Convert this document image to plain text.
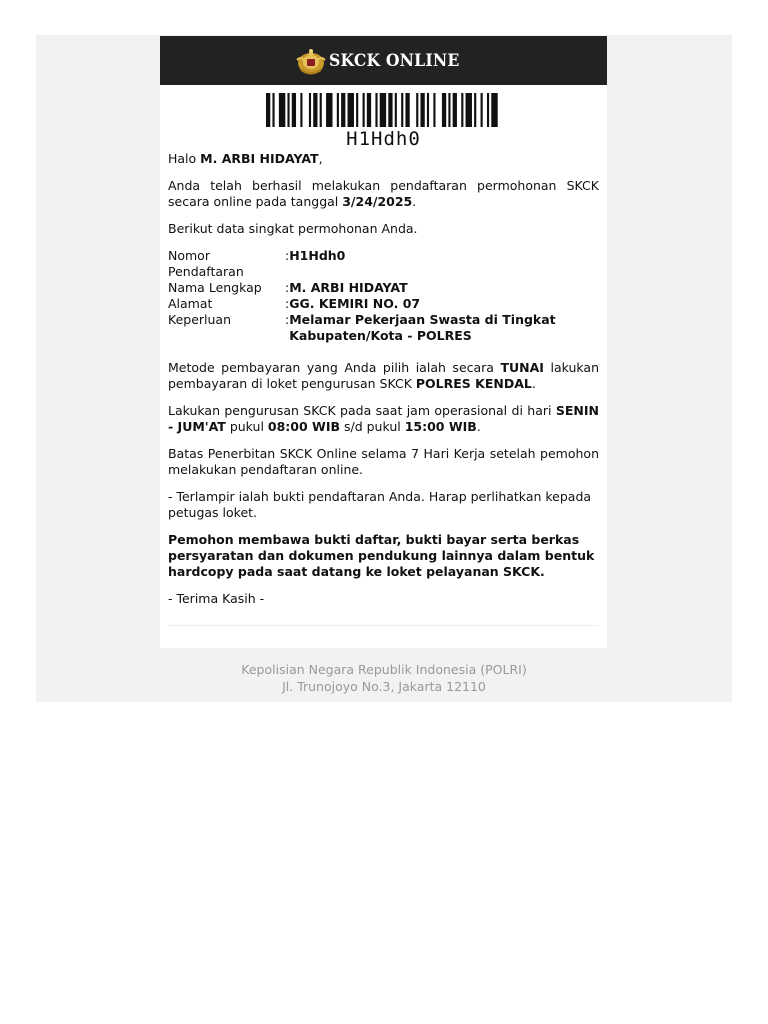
SKCK ONLINE
H1Hdh0

Halo M. ARBI HIDAYAT,

Anda telah berhasil melakukan pendaftaran permohonan SKCK secara online pada tanggal 3/24/2025.

Berikut data singkat permohonan Anda.

Nomor Pendaftaran	:	H1Hdh0
Nama Lengkap	:	M. ARBI HIDAYAT
Alamat	:	GG. KEMIRI NO. 07
Keperluan	:	Melamar Pekerjaan Swasta di Tingkat Kabupaten/Kota - POLRES

Metode pembayaran yang Anda pilih ialah secara TUNAI lakukan pembayaran di loket pengurusan SKCK POLRES KENDAL.

Lakukan pengurusan SKCK pada saat jam operasional di hari SENIN - JUM'AT pukul 08:00 WIB s/d pukul 15:00 WIB.

Batas Penerbitan SKCK Online selama 7 Hari Kerja setelah pemohon melakukan pendaftaran online.

- Terlampir ialah bukti pendaftaran Anda. Harap perlihatkan kepada petugas loket.

Pemohon membawa bukti daftar, bukti bayar serta berkas persyaratan dan dokumen pendukung lainnya dalam bentuk hardcopy pada saat datang ke loket pelayanan SKCK.

- Terima Kasih -

Kepolisian Negara Republik Indonesia (POLRI)
Jl. Trunojoyo No.3, Jakarta 12110
